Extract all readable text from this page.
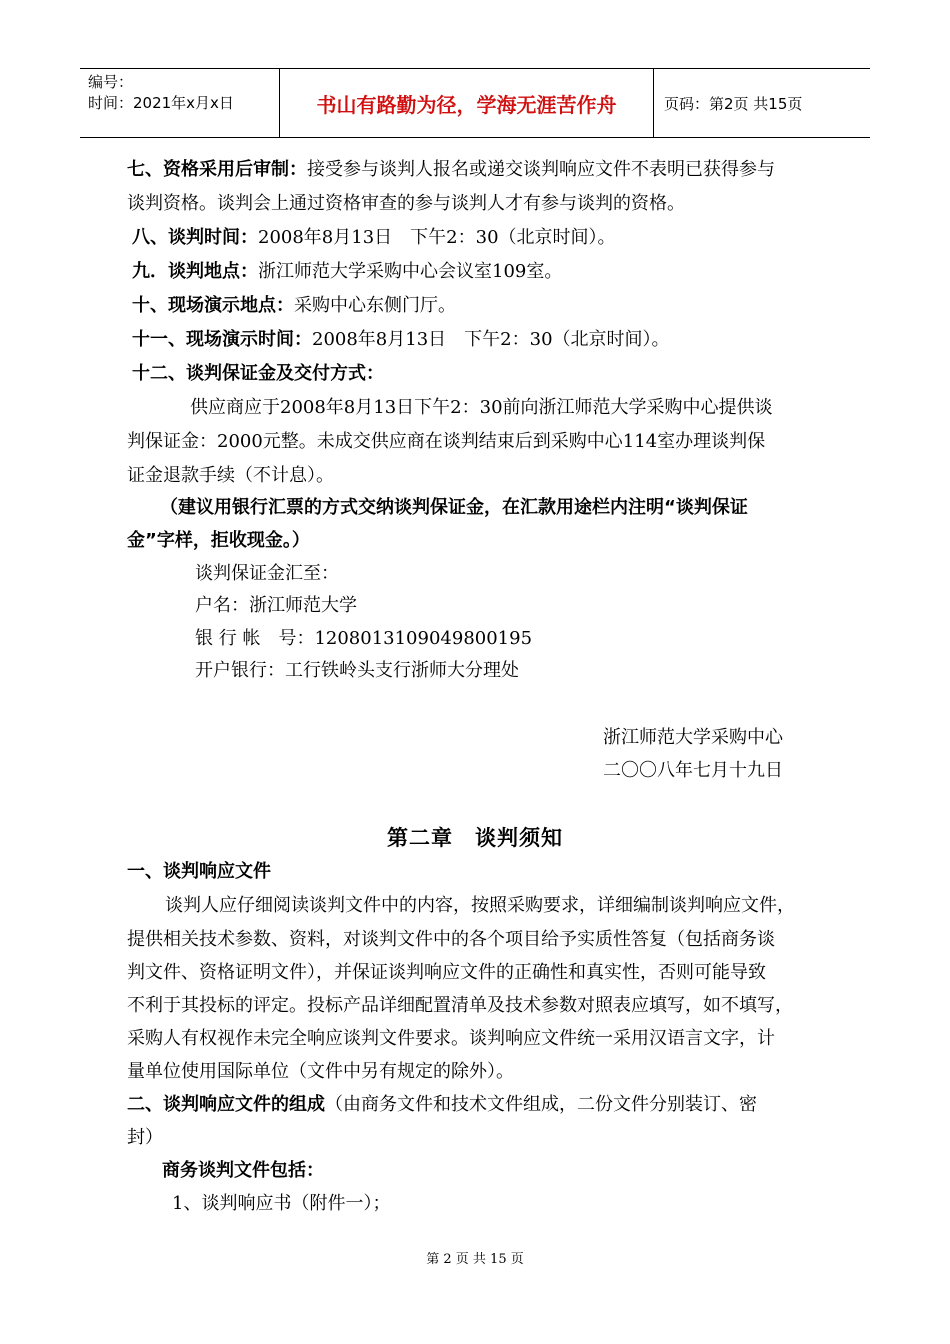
编号：
时间：2021年x月x日	书山有路勤为径，学海无涯苦作舟	页码：第2页 共15页
七、资格采用后审制：接受参与谈判人报名或递交谈判响应文件不表明已获得参与
谈判资格。谈判会上通过资格审查的参与谈判人才有参与谈判的资格。
八、谈判时间：2008年8月13日　下午2：30（北京时间）。
九．谈判地点：浙江师范大学采购中心会议室109室。
十、现场演示地点：采购中心东侧门厅。
十一、现场演示时间：2008年8月13日　下午2：30（北京时间）。
十二、谈判保证金及交付方式：
供应商应于2008年8月13日下午2：30前向浙江师范大学采购中心提供谈
判保证金：2000元整。未成交供应商在谈判结束后到采购中心114室办理谈判保
证金退款手续（不计息）。
（建议用银行汇票的方式交纳谈判保证金，在汇款用途栏内注明“谈判保证
金”字样，拒收现金。）
谈判保证金汇至：
户名：浙江师范大学
银 行 帐　号：1208013109049800195
开户银行：工行铁岭头支行浙师大分理处
浙江师范大学采购中心
二〇〇八年七月十九日
第二章　谈判须知
一、谈判响应文件
谈判人应仔细阅读谈判文件中的内容，按照采购要求，详细编制谈判响应文件，
提供相关技术参数、资料，对谈判文件中的各个项目给予实质性答复（包括商务谈
判文件、资格证明文件），并保证谈判响应文件的正确性和真实性，否则可能导致
不利于其投标的评定。投标产品详细配置清单及技术参数对照表应填写，如不填写，
采购人有权视作未完全响应谈判文件要求。谈判响应文件统一采用汉语言文字，计
量单位使用国际单位（文件中另有规定的除外）。
二、谈判响应文件的组成（由商务文件和技术文件组成，二份文件分别装订、密
封）
商务谈判文件包括：
1、谈判响应书（附件一）；
第 2 页 共 15 页
